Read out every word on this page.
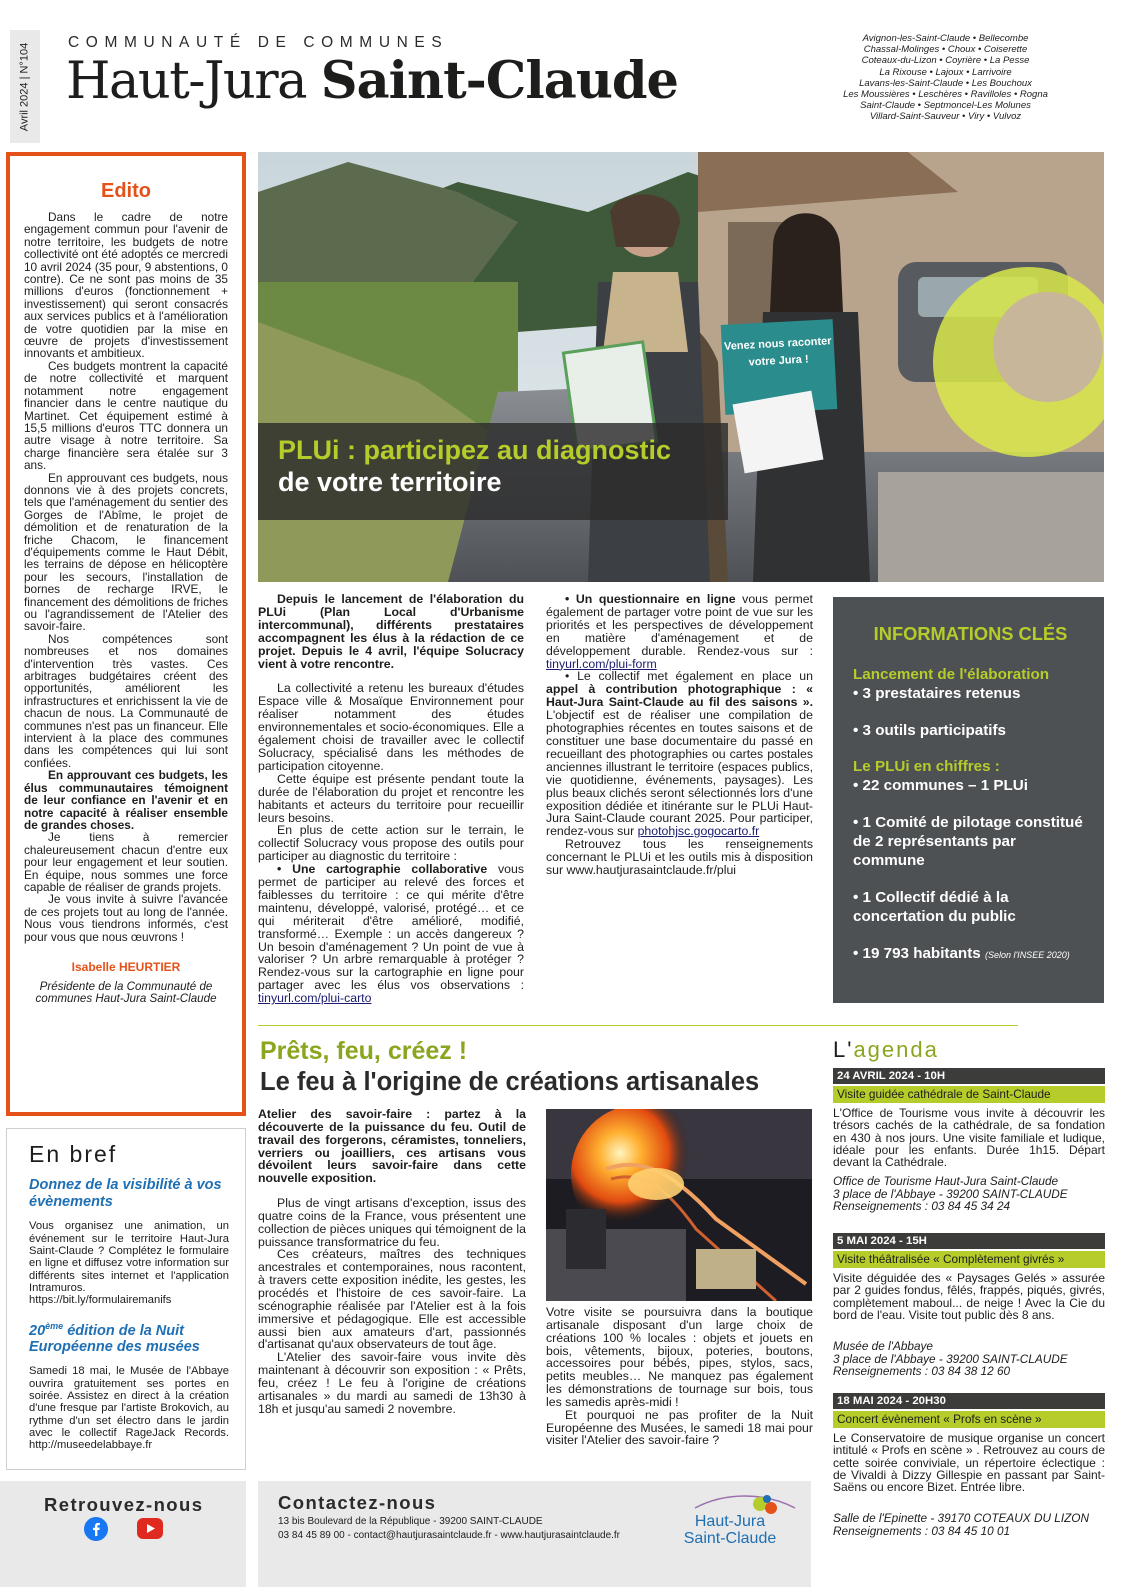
Avril 2024 | N°104 COMMUNAUTÉ DE COMMUNES
Haut-Jura Saint-Claude
Avignon-les-Saint-Claude • Bellecombe
Chassal-Molinges • Choux • Coiserette
Coteaux-du-Lizon • Coyrière • La Pesse
La Rixouse • Lajoux • Larrivoire
Lavans-les-Saint-Claude • Les Bouchoux
Les Moussières • Leschères • Ravilloles • Rogna
Saint-Claude • Septmoncel-Les Molunes
Villard-Saint-Sauveur • Viry • Vulvoz
Edito

Dans le cadre de notre engagement commun pour l'avenir de notre territoire, les budgets de notre collectivité ont été adoptés ce mercredi 10 avril 2024 (35 pour, 9 abstentions, 0 contre). Ce ne sont pas moins de 35 millions d'euros (fonctionnement + investissement) qui seront consacrés aux services publics et à l'amélioration de votre quotidien par la mise en œuvre de projets d'investissement innovants et ambitieux.

Ces budgets montrent la capacité de notre collectivité et marquent notamment notre engagement financier dans le centre nautique du Martinet. Cet équipement estimé à 15,5 millions d'euros TTC donnera un autre visage à notre territoire. Sa charge financière sera étalée sur 3 ans.

En approuvant ces budgets, nous donnons vie à des projets concrets, tels que l'aménagement du sentier des Gorges de l'Abîme, le projet de démolition et de renaturation de la friche Chacom, le financement d'équipements comme le Haut Débit, les terrains de dépose en hélicoptère pour les secours, l'installation de bornes de recharge IRVE, le financement des démolitions de friches ou l'agrandissement de l'Atelier des savoir-faire.

Nos compétences sont nombreuses et nos domaines d'intervention très vastes. Ces arbitrages budgétaires créent des opportunités, améliorent les infrastructures et enrichissent la vie de chacun de nous. La Communauté de communes n'est pas un financeur. Elle intervient à la place des communes dans les compétences qui lui sont confiées.

En approuvant ces budgets, les élus communautaires témoignent de leur confiance en l'avenir et en notre capacité à réaliser ensemble de grandes choses.

Je tiens à remercier chaleureusement chacun d'entre eux pour leur engagement et leur soutien. En équipe, nous sommes une force capable de réaliser de grands projets.

Je vous invite à suivre l'avancée de ces projets tout au long de l'année. Nous vous tiendrons informés, c'est pour vous que nous œuvrons !

Isabelle HEURTIER
Présidente de la Communauté de communes Haut-Jura Saint-Claude
En bref
Donnez de la visibilité à vos évènements
Vous organisez une animation, un événement sur le territoire Haut-Jura Saint-Claude ? Complétez le formulaire en ligne et diffusez votre information sur différents sites internet et l'application Intramuros. https://bit.ly/formulairemanifs
20ème édition de la Nuit Européenne des musées
Samedi 18 mai, le Musée de l'Abbaye ouvrira gratuitement ses portes en soirée. Assistez en direct à la création d'une fresque par l'artiste Brokovich, au rythme d'un set électro dans le jardin avec le collectif RageJack Records. http://museedelabbaye.fr
Venez nous raconter
votre Jura !
PLUi : participez au diagnostic
de votre territoire

Depuis le lancement de l'élaboration du PLUi (Plan Local d'Urbanisme intercommunal), différents prestataires accompagnent les élus à la rédaction de ce projet. Depuis le 4 avril, l'équipe Solucracy vient à votre rencontre.

La collectivité a retenu les bureaux d'études Espace ville & Mosaïque Environnement pour réaliser notamment des études environnementales et socio-économiques. Elle a également choisi de travailler avec le collectif Solucracy, spécialisé dans les méthodes de participation citoyenne.

Cette équipe est présente pendant toute la durée de l'élaboration du projet et rencontre les habitants et acteurs du territoire pour recueillir leurs besoins.

En plus de cette action sur le terrain, le collectif Solucracy vous propose des outils pour participer au diagnostic du territoire :

• Une cartographie collaborative vous permet de participer au relevé des forces et faiblesses du territoire : ce qui mérite d'être maintenu, développé, valorisé, protégé… et ce qui mériterait d'être amélioré, modifié, transformé… Exemple : un accès dangereux ? Un besoin d'aménagement ? Un point de vue à valoriser ? Un arbre remarquable à protéger ? Rendez-vous sur la cartographie en ligne pour partager avec les élus vos observations : tinyurl.com/plui-carto

• Un questionnaire en ligne vous permet également de partager votre point de vue sur les priorités et les perspectives de développement en matière d'aménagement et de développement durable. Rendez-vous sur : tinyurl.com/plui-form

• Le collectif met également en place un appel à contribution photographique : « Haut-Jura Saint-Claude au fil des saisons ». L'objectif est de réaliser une compilation de photographies récentes en toutes saisons et de constituer une base documentaire du passé en recueillant des photographies ou cartes postales anciennes illustrant le territoire (espaces publics, vie quotidienne, événements, paysages). Les plus beaux clichés seront sélectionnés lors d'une exposition dédiée et itinérante sur le PLUi Haut-Jura Saint-Claude courant 2025. Pour participer, rendez-vous sur photohjsc.gogocarto.fr

Retrouvez tous les renseignements concernant le PLUi et les outils mis à disposition sur www.hautjurasaintclaude.fr/plui

INFORMATIONS CLÉS
Lancement de l'élaboration
• 3 prestataires retenus
• 3 outils participatifs
Le PLUi en chiffres :
• 22 communes – 1 PLUi
• 1 Comité de pilotage constitué de 2 représentants par commune
• 1 Collectif dédié à la concertation du public
• 19 793 habitants (Selon l'INSEE 2020)
Prêts, feu, créez !
Le feu à l'origine de créations artisanales

Atelier des savoir-faire : partez à la découverte de la puissance du feu. Outil de travail des forgerons, céramistes, tonneliers, verriers ou joailliers, ces artisans vous dévoilent leurs savoir-faire dans cette nouvelle exposition.

Plus de vingt artisans d'exception, issus des quatre coins de la France, vous présentent une collection de pièces uniques qui témoignent de la puissance transformatrice du feu.

Ces créateurs, maîtres des techniques ancestrales et contemporaines, nous racontent, à travers cette exposition inédite, les gestes, les procédés et l'histoire de ces savoir-faire. La scénographie réalisée par l'Atelier est à la fois immersive et pédagogique. Elle est accessible aussi bien aux amateurs d'art, passionnés d'artisanat qu'aux observateurs de tout âge.

L'Atelier des savoir-faire vous invite dès maintenant à découvrir son exposition : « Prêts, feu, créez ! Le feu à l'origine de créations artisanales » du mardi au samedi de 13h30 à 18h et jusqu'au samedi 2 novembre.

Votre visite se poursuivra dans la boutique artisanale disposant d'un large choix de créations 100 % locales : objets et jouets en bois, vêtements, bijoux, poteries, boutons, accessoires pour bébés, pipes, stylos, sacs, petits meubles… Ne manquez pas également les démonstrations de tournage sur bois, tous les samedis après-midi !

Et pourquoi ne pas profiter de la Nuit Européenne des Musées, le samedi 18 mai pour visiter l'Atelier des savoir-faire ?

L'agenda
24 AVRIL 2024 - 10H
Visite guidée cathédrale de Saint-Claude
L'Office de Tourisme vous invite à découvrir les trésors cachés de la cathédrale, de sa fondation en 430 à nos jours. Une visite familiale et ludique, idéale pour les enfants. Durée 1h15. Départ devant la Cathédrale.
Office de Tourisme Haut-Jura Saint-Claude
3 place de l'Abbaye - 39200 SAINT-CLAUDE
Renseignements : 03 84 45 34 24
5 MAI 2024 - 15H
Visite théâtralisée « Complètement givrés »
Visite déguidée des « Paysages Gelés » assurée par 2 guides fondus, fêlés, frappés, piqués, givrés, complètement maboul... de neige ! Avec la Cie du bord de l'eau. Visite tout public dès 8 ans.
Musée de l'Abbaye
3 place de l'Abbaye - 39200 SAINT-CLAUDE
Renseignements : 03 84 38 12 60
18 MAI 2024 - 20H30
Concert évènement « Profs en scène »
Le Conservatoire de musique organise un concert intitulé « Profs en scène » . Retrouvez au cours de cette soirée conviviale, un répertoire éclectique : de Vivaldi à Dizzy Gillespie en passant par Saint-Saëns ou encore Bizet. Entrée libre.
Salle de l'Epinette - 39170 COTEAUX DU LIZON
Renseignements : 03 84 45 10 01
Retrouvez-nous	Contactez-nous
13 bis Boulevard de la République - 39200 SAINT-CLAUDE
03 84 45 89 00 - contact@hautjurasaintclaude.fr - www.hautjurasaintclaude.fr
Haut-Jura
Saint-Claude
